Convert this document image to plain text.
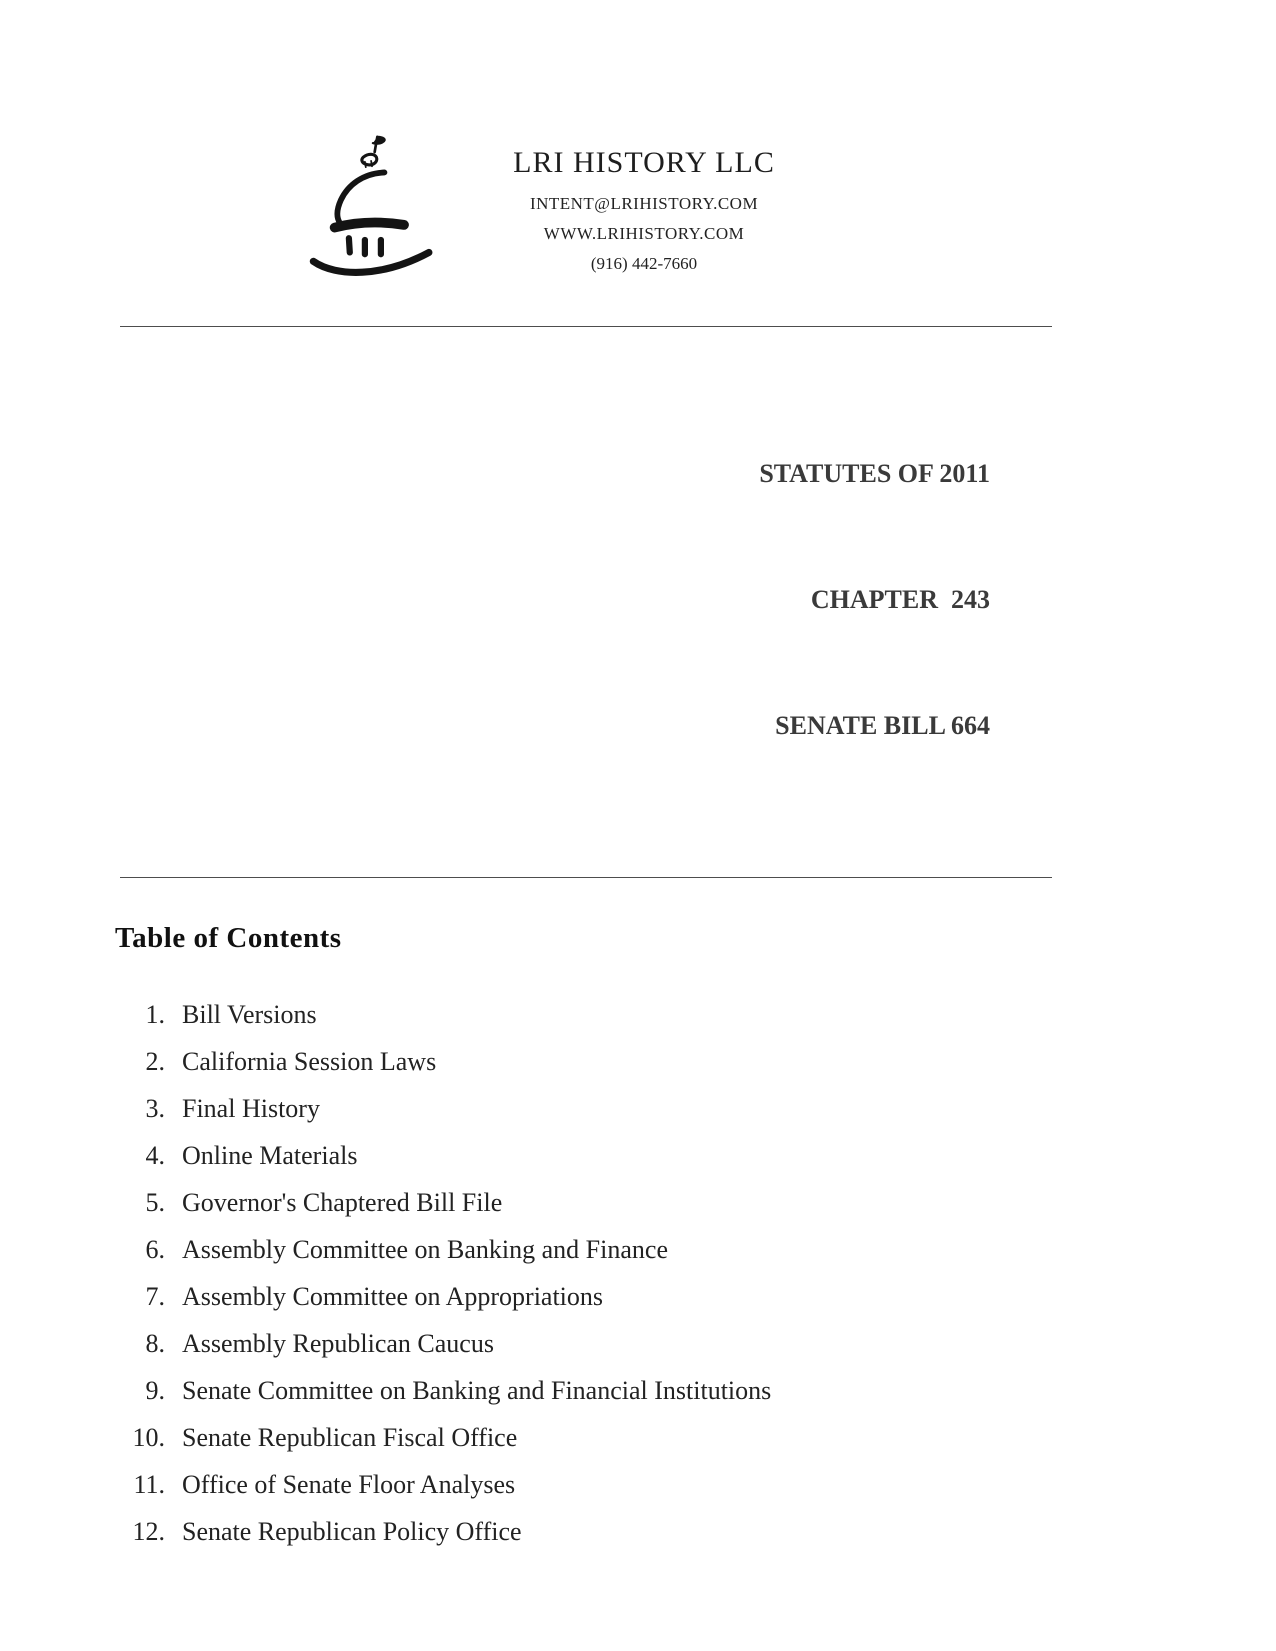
LRI HISTORY LLC
INTENT@LRIHISTORY.COM
WWW.LRIHISTORY.COM
(916) 442-7660

STATUTES OF 2011

CHAPTER  243

SENATE BILL 664

Table of Contents
1. Bill Versions
2. California Session Laws
3. Final History
4. Online Materials
5. Governor's Chaptered Bill File
6. Assembly Committee on Banking and Finance
7. Assembly Committee on Appropriations
8. Assembly Republican Caucus
9. Senate Committee on Banking and Financial Institutions
10. Senate Republican Fiscal Office
11. Office of Senate Floor Analyses
12. Senate Republican Policy Office
